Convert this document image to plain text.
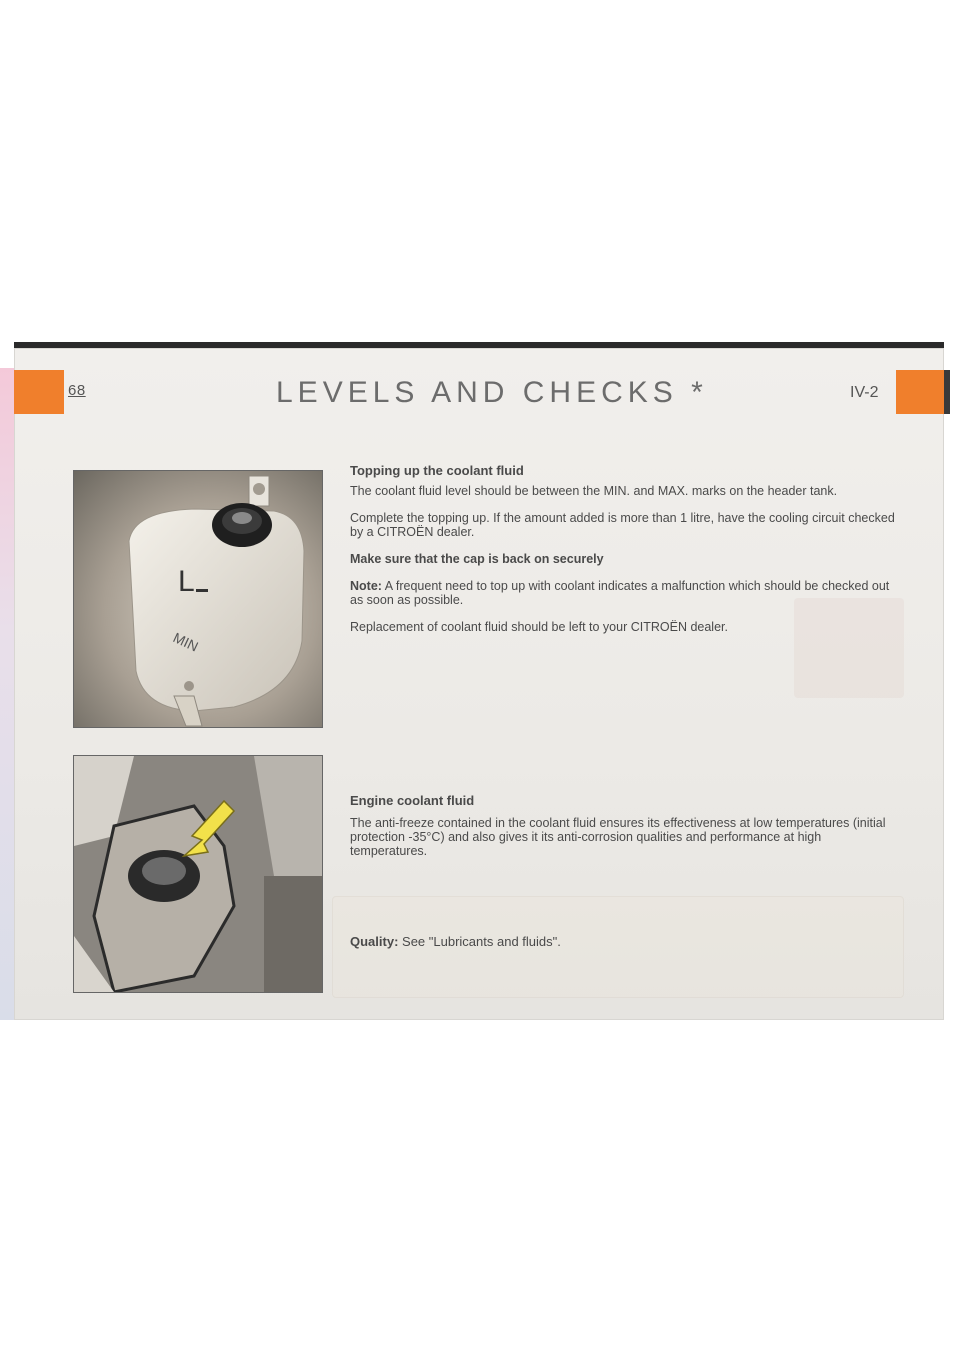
68	LEVELS AND CHECKS *	IV-2
L
MIN
Topping up the coolant fluid

The coolant fluid level should be between the MIN. and MAX. marks on the header tank.

Complete the topping up. If the amount added is more than 1 litre, have the cooling circuit checked by a CITROËN dealer.

Make sure that the cap is back on securely

Note: A frequent need to top up with coolant indicates a malfunction which should be checked out as soon as possible.

Replacement of coolant fluid should be left to your CITROËN dealer.

Engine coolant fluid
The anti-freeze contained in the coolant fluid ensures its effectiveness at low temperatures (initial protection -35°C) and also gives it its anti-corrosion qualities and performance at high temperatures.
Quality: See "Lubricants and fluids".
